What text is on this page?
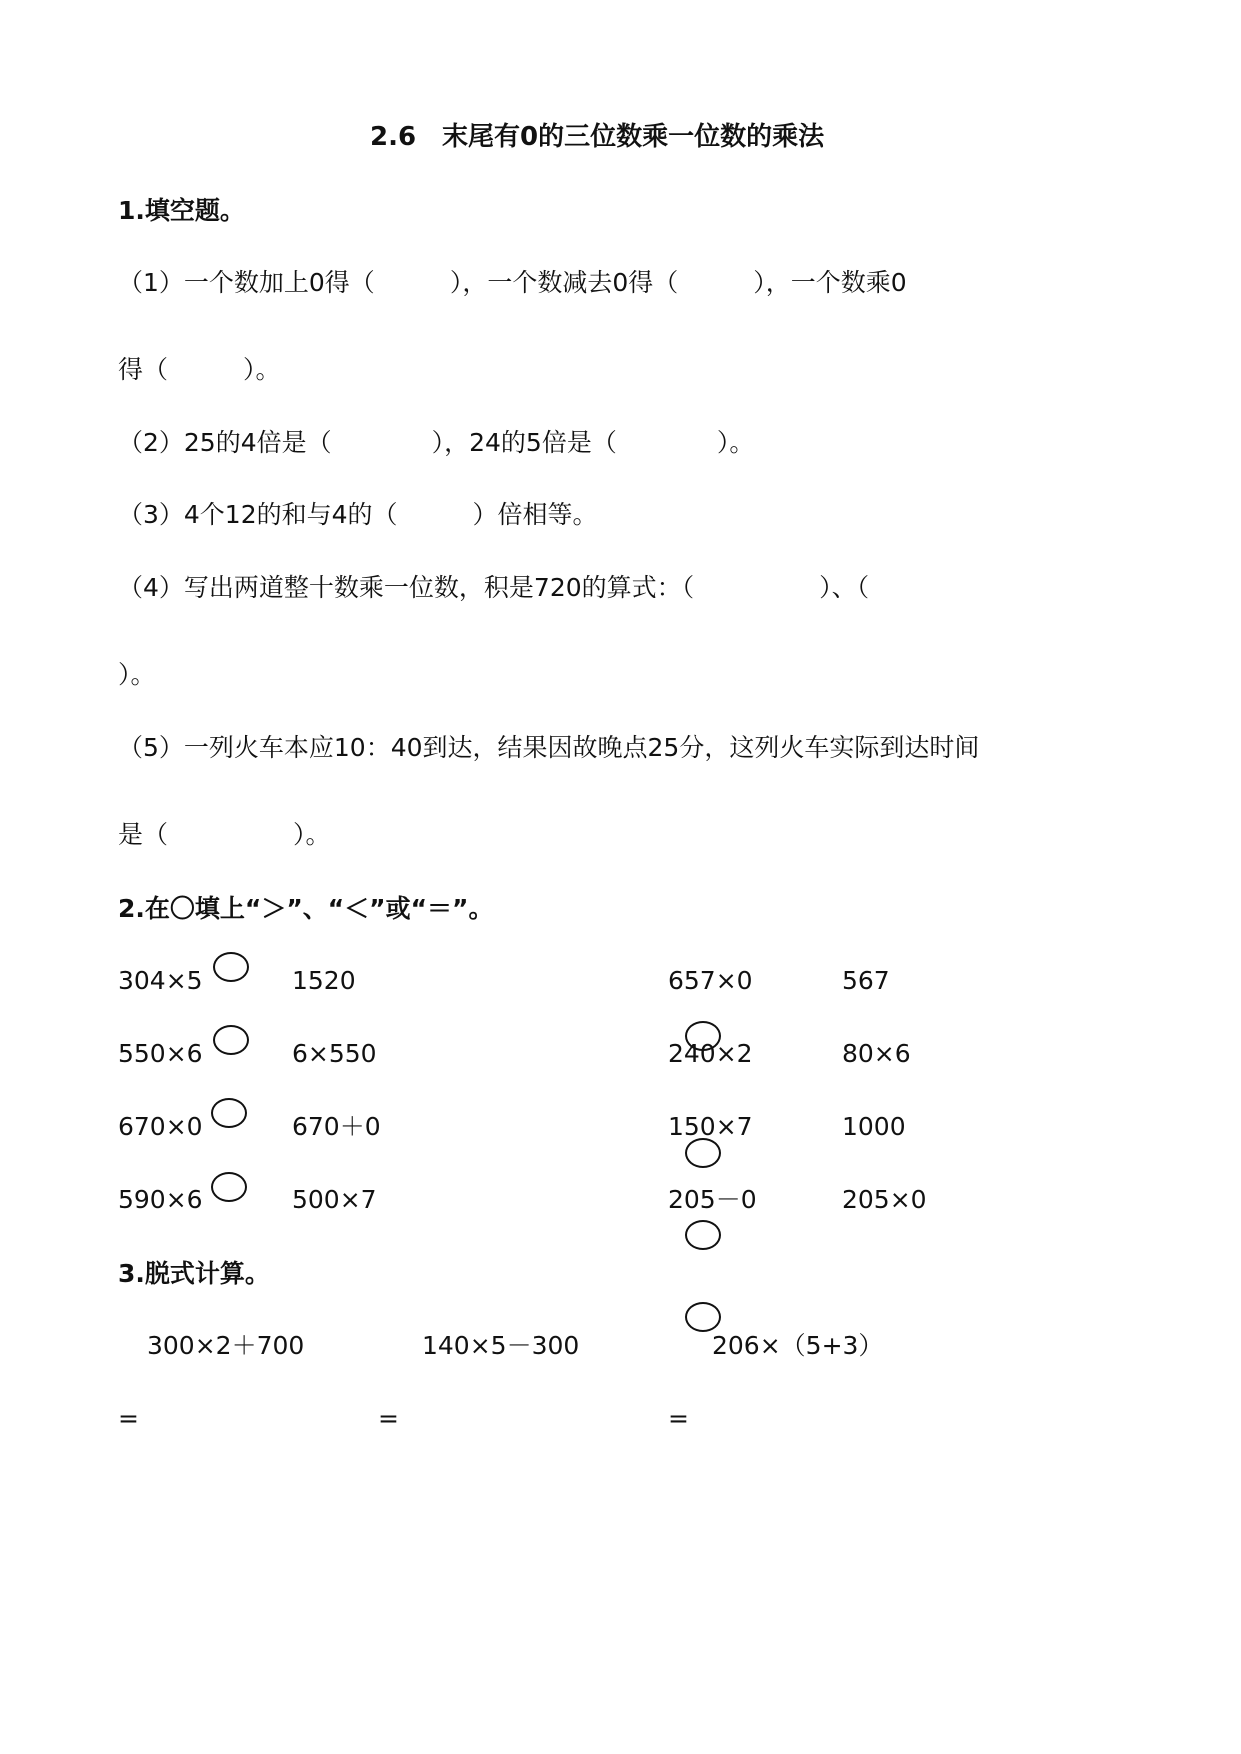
2.6　末尾有0的三位数乘一位数的乘法
1.填空题。
（1）一个数加上0得（　　　），一个数减去0得（　　　），一个数乘0
得（　　　）。
（2）25的4倍是（　　　　），24的5倍是（　　　　）。
（3）4个12的和与4的（　　　）倍相等。
（4）写出两道整十数乘一位数，积是720的算式：（　　　　　）、（
）。
（5）一列火车本应10：40到达，结果因故晚点25分，这列火车实际到达时间
是（　　　　　）。
2.在〇填上“＞”、“＜”或“＝”。
304×5	1520	657×0	567
550×6	6×550	240×2	80×6
670×0	670＋0	150×7	1000
590×6	500×7	205－0	205×0
3.脱式计算。
300×2＋700	140×5－300	206×（5+3）
=	=	=
